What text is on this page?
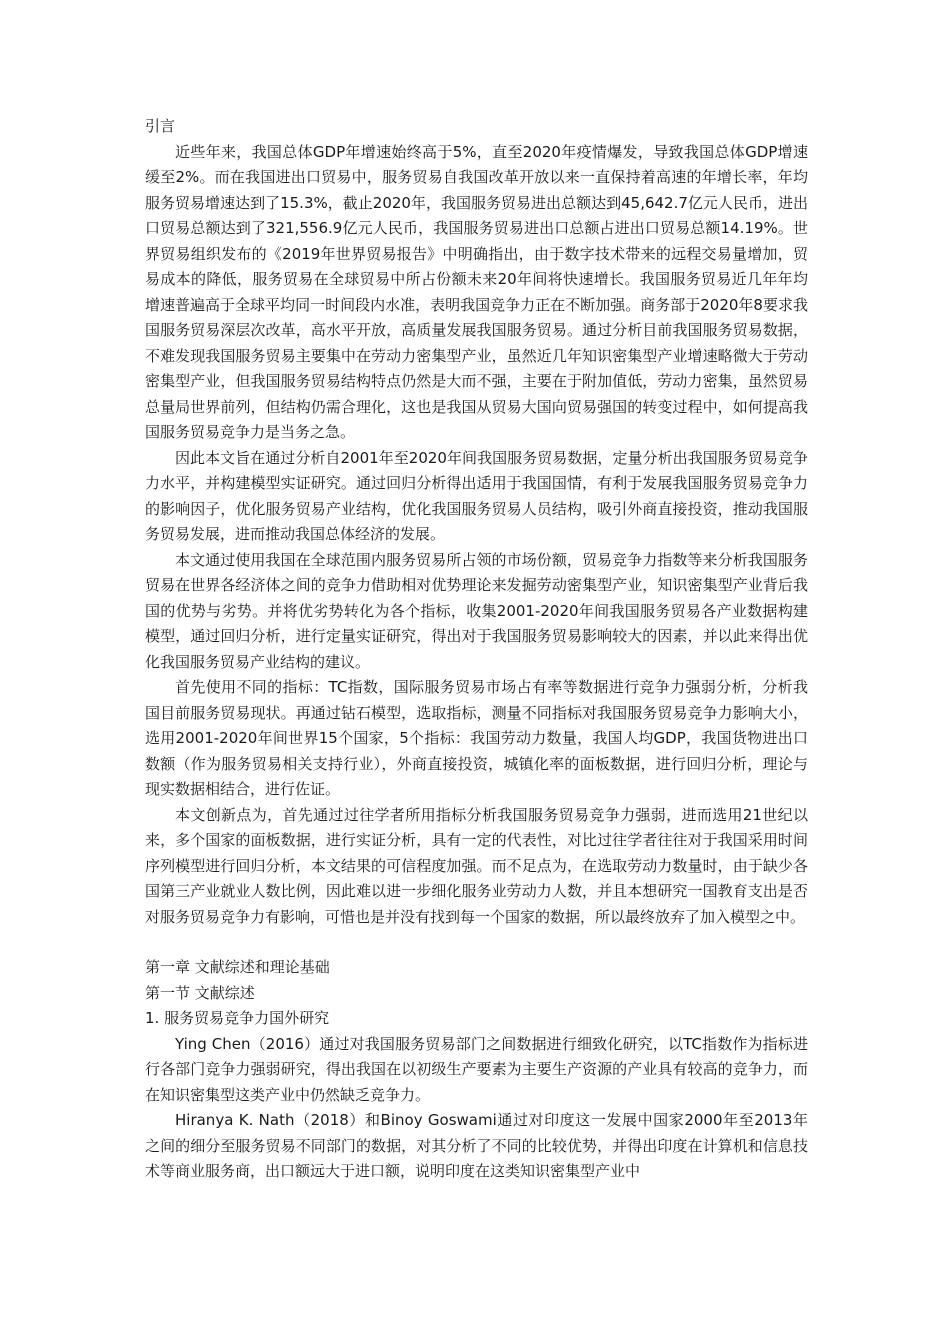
引言

近些年来，我国总体GDP年增速始终高于5%，直至2020年疫情爆发，导致我国总体GDP增速缓至2%。而在我国进出口贸易中，服务贸易自我国改革开放以来一直保持着高速的年增长率，年均服务贸易增速达到了15.3%，截止2020年，我国服务贸易进出总额达到45,642.7亿元人民币，进出口贸易总额达到了321,556.9亿元人民币，我国服务贸易进出口总额占进出口贸易总额14.19%。世界贸易组织发布的《2019年世界贸易报告》中明确指出，由于数字技术带来的远程交易量增加，贸易成本的降低，服务贸易在全球贸易中所占份额未来20年间将快速增长。我国服务贸易近几年年均增速普遍高于全球平均同一时间段内水准，表明我国竞争力正在不断加强。商务部于2020年8要求我国服务贸易深层次改革，高水平开放，高质量发展我国服务贸易。通过分析目前我国服务贸易数据，不难发现我国服务贸易主要集中在劳动力密集型产业，虽然近几年知识密集型产业增速略微大于劳动密集型产业，但我国服务贸易结构特点仍然是大而不强，主要在于附加值低，劳动力密集，虽然贸易总量局世界前列，但结构仍需合理化，这也是我国从贸易大国向贸易强国的转变过程中，如何提高我国服务贸易竞争力是当务之急。

因此本文旨在通过分析自2001年至2020年间我国服务贸易数据，定量分析出我国服务贸易竞争力水平，并构建模型实证研究。通过回归分析得出适用于我国国情，有利于发展我国服务贸易竞争力的影响因子，优化服务贸易产业结构，优化我国服务贸易人员结构，吸引外商直接投资，推动我国服务贸易发展，进而推动我国总体经济的发展。

本文通过使用我国在全球范围内服务贸易所占领的市场份额，贸易竞争力指数等来分析我国服务贸易在世界各经济体之间的竞争力借助相对优势理论来发掘劳动密集型产业，知识密集型产业背后我国的优势与劣势。并将优劣势转化为各个指标，收集2001-2020年间我国服务贸易各产业数据构建模型，通过回归分析，进行定量实证研究，得出对于我国服务贸易影响较大的因素，并以此来得出优化我国服务贸易产业结构的建议。

首先使用不同的指标：TC指数，国际服务贸易市场占有率等数据进行竞争力强弱分析，分析我国目前服务贸易现状。再通过钻石模型，选取指标，测量不同指标对我国服务贸易竞争力影响大小，选用2001-2020年间世界15个国家，5个指标：我国劳动力数量，我国人均GDP，我国货物进出口数额（作为服务贸易相关支持行业），外商直接投资，城镇化率的面板数据，进行回归分析，理论与现实数据相结合，进行佐证。

本文创新点为，首先通过过往学者所用指标分析我国服务贸易竞争力强弱，进而选用21世纪以来，多个国家的面板数据，进行实证分析，具有一定的代表性，对比过往学者往往对于我国采用时间序列模型进行回归分析，本文结果的可信程度加强。而不足点为，在选取劳动力数量时，由于缺少各国第三产业就业人数比例，因此难以进一步细化服务业劳动力人数，并且本想研究一国教育支出是否对服务贸易竞争力有影响，可惜也是并没有找到每一个国家的数据，所以最终放弃了加入模型之中。

第一章 文献综述和理论基础
第一节 文献综述
1. 服务贸易竞争力国外研究

Ying Chen（2016）通过对我国服务贸易部门之间数据进行细致化研究，以TC指数作为指标进行各部门竞争力强弱研究，得出我国在以初级生产要素为主要生产资源的产业具有较高的竞争力，而在知识密集型这类产业中仍然缺乏竞争力。

Hiranya K. Nath（2018）和Binoy Goswami通过对印度这一发展中国家2000年至2013年之间的细分至服务贸易不同部门的数据，对其分析了不同的比较优势，并得出印度在计算机和信息技术等商业服务商，出口额远大于进口额，说明印度在这类知识密集型产业中
